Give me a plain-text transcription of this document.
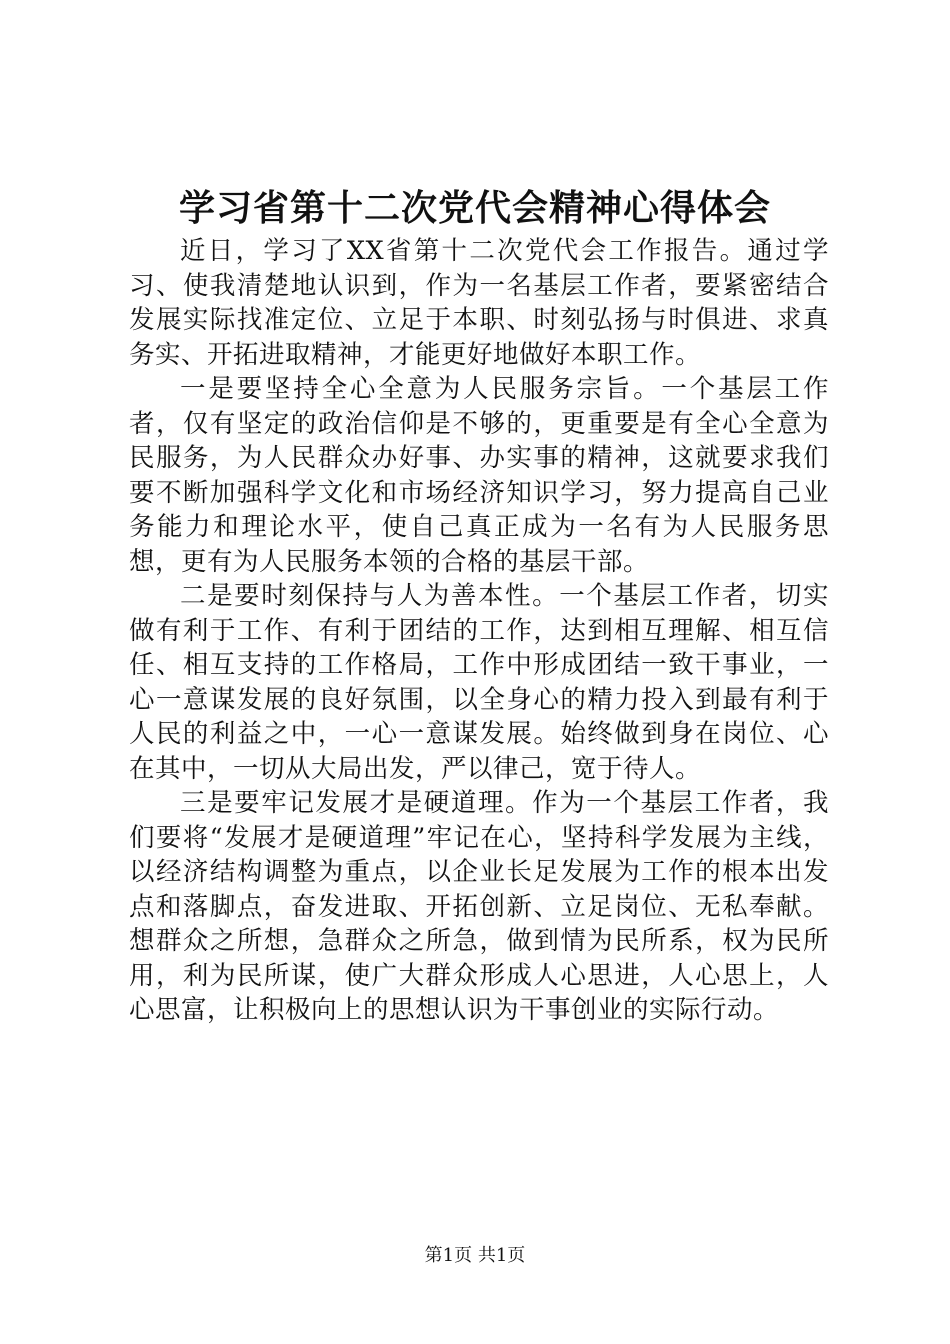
学习省第十二次党代会精神心得体会

近日，学习了XX省第十二次党代会工作报告。通过学习、使我清楚地认识到，作为一名基层工作者，要紧密结合发展实际找准定位、立足于本职、时刻弘扬与时俱进、求真务实、开拓进取精神，才能更好地做好本职工作。

一是要坚持全心全意为人民服务宗旨。一个基层工作者，仅有坚定的政治信仰是不够的，更重要是有全心全意为民服务，为人民群众办好事、办实事的精神，这就要求我们要不断加强科学文化和市场经济知识学习，努力提高自己业务能力和理论水平，使自己真正成为一名有为人民服务思想，更有为人民服务本领的合格的基层干部。

二是要时刻保持与人为善本性。一个基层工作者，切实做有利于工作、有利于团结的工作，达到相互理解、相互信任、相互支持的工作格局，工作中形成团结一致干事业，一心一意谋发展的良好氛围，以全身心的精力投入到最有利于人民的利益之中，一心一意谋发展。始终做到身在岗位、心在其中，一切从大局出发，严以律己，宽于待人。

三是要牢记发展才是硬道理。作为一个基层工作者，我们要将“发展才是硬道理”牢记在心，坚持科学发展为主线，以经济结构调整为重点，以企业长足发展为工作的根本出发点和落脚点，奋发进取、开拓创新、立足岗位、无私奉献。想群众之所想，急群众之所急，做到情为民所系，权为民所用，利为民所谋，使广大群众形成人心思进，人心思上，人心思富，让积极向上的思想认识为干事创业的实际行动。

第1页 共1页
